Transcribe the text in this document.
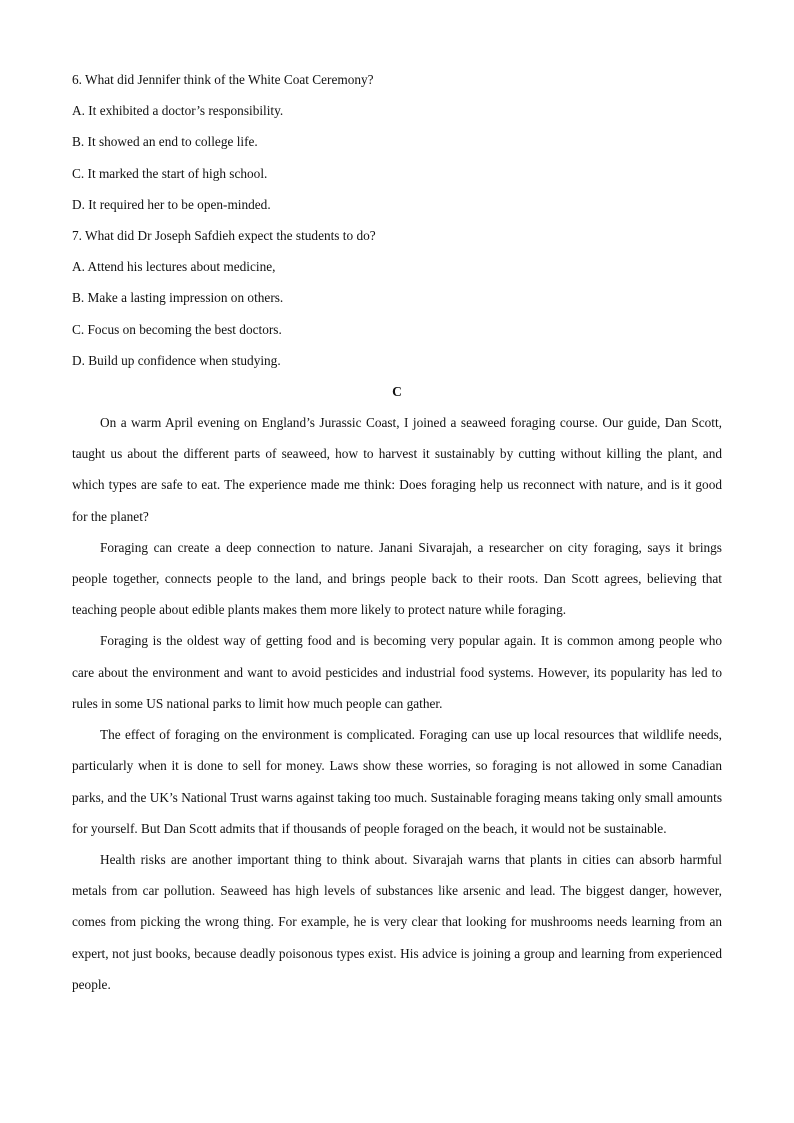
6. What did Jennifer think of the White Coat Ceremony?
A. It exhibited a doctor’s responsibility.
B. It showed an end to college life.
C. It marked the start of high school.
D. It required her to be open-minded.
7. What did Dr Joseph Safdieh expect the students to do?
A. Attend his lectures about medicine,
B. Make a lasting impression on others.
C. Focus on becoming the best doctors.
D. Build up confidence when studying.
C

On a warm April evening on England’s Jurassic Coast, I joined a seaweed foraging course. Our guide, Dan Scott, taught us about the different parts of seaweed, how to harvest it sustainably by cutting without killing the plant, and which types are safe to eat. The experience made me think: Does foraging help us reconnect with nature, and is it good for the planet?

Foraging can create a deep connection to nature. Janani Sivarajah, a researcher on city foraging, says it brings people together, connects people to the land, and brings people back to their roots. Dan Scott agrees, believing that teaching people about edible plants makes them more likely to protect nature while foraging.

Foraging is the oldest way of getting food and is becoming very popular again. It is common among people who care about the environment and want to avoid pesticides and industrial food systems. However, its popularity has led to rules in some US national parks to limit how much people can gather.

The effect of foraging on the environment is complicated. Foraging can use up local resources that wildlife needs, particularly when it is done to sell for money. Laws show these worries, so foraging is not allowed in some Canadian parks, and the UK’s National Trust warns against taking too much. Sustainable foraging means taking only small amounts for yourself. But Dan Scott admits that if thousands of people foraged on the beach, it would not be sustainable.

Health risks are another important thing to think about. Sivarajah warns that plants in cities can absorb harmful metals from car pollution. Seaweed has high levels of substances like arsenic and lead. The biggest danger, however, comes from picking the wrong thing. For example, he is very clear that looking for mushrooms needs learning from an expert, not just books, because deadly poisonous types exist. His advice is joining a group and learning from experienced people.
